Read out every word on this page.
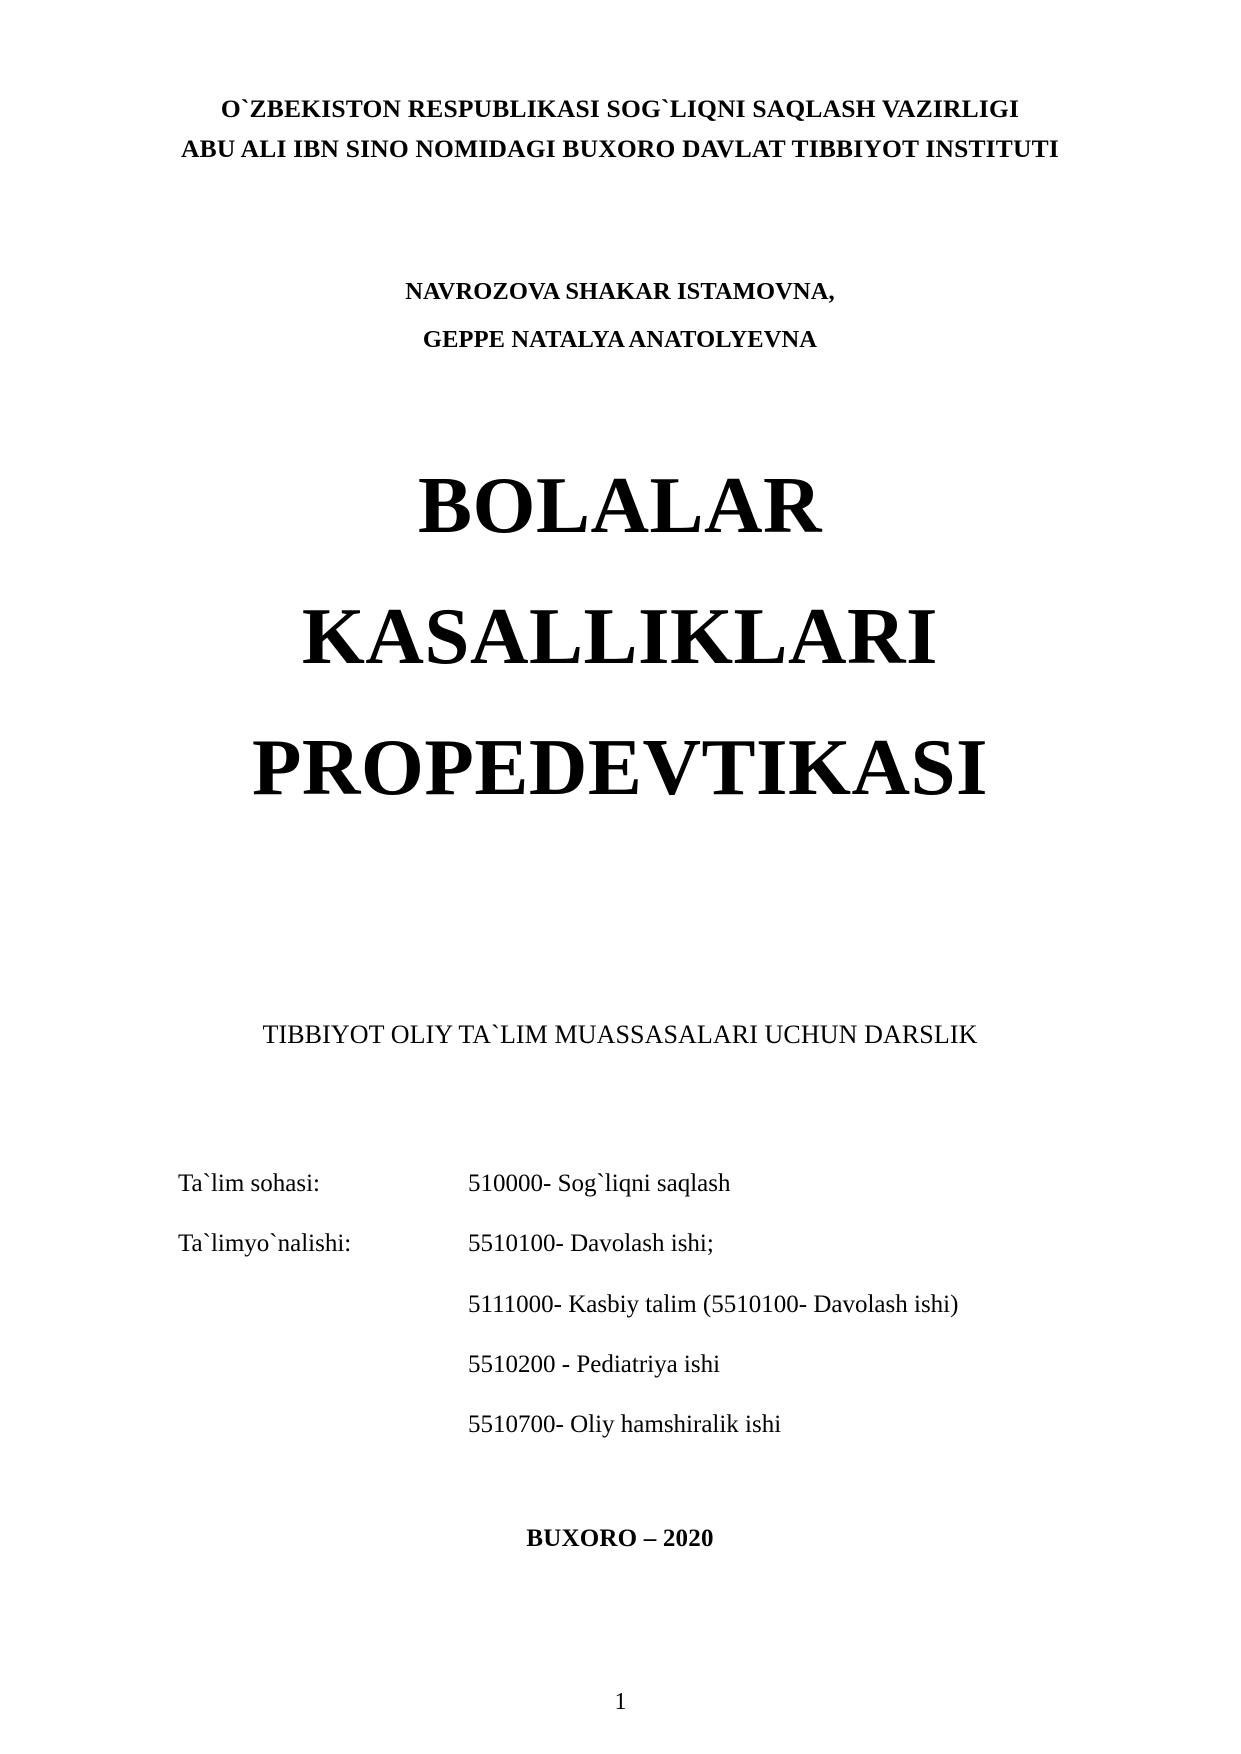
O`ZBEKISTON RESPUBLIKASI SOG`LIQNI SAQLASH VAZIRLIGI
ABU ALI IBN SINO NOMIDAGI BUXORO DAVLAT TIBBIYOT INSTITUTI
NAVROZOVA SHAKAR ISTAMOVNA,
GEPPE NATALYA ANATOLYEVNA
BOLALAR
KASALLIKLARI
PROPEDEVTIKASI
TIBBIYOT OLIY TA`LIM MUASSASALARI UCHUN DARSLIK
Ta`lim sohasi:	510000- Sog`liqni saqlash
Ta`limyo`nalishi:	5510100- Davolash ishi;
5111000- Kasbiy talim (5510100- Davolash ishi)
5510200 - Pediatriya ishi
5510700- Oliy hamshiralik ishi
BUXORO – 2020
1
